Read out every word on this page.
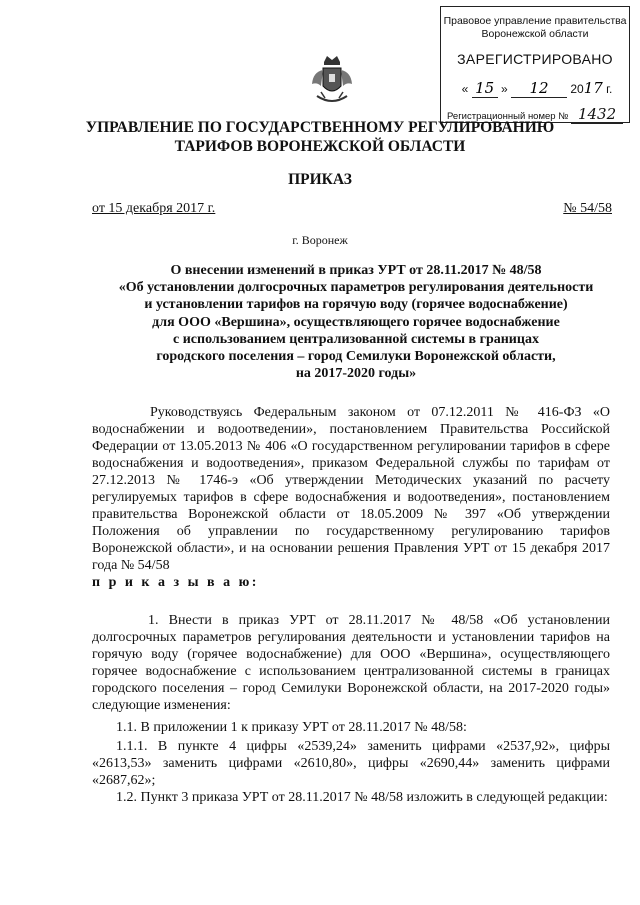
Правовое управление правительства
Воронежской области
ЗАРЕГИСТРИРОВАНО
« 15 » 12 2017 г.
Регистрационный номер № 1432
УПРАВЛЕНИЕ ПО ГОСУДАРСТВЕННОМУ РЕГУЛИРОВАНИЮ
ТАРИФОВ ВОРОНЕЖСКОЙ ОБЛАСТИ
ПРИКАЗ
от 15 декабря 2017 г.	№ 54/58
г. Воронеж
О внесении изменений в приказ УРТ от 28.11.2017 № 48/58
«Об установлении долгосрочных параметров регулирования деятельности
и установлении тарифов на горячую воду (горячее водоснабжение)
для ООО «Вершина», осуществляющего горячее водоснабжение
с использованием централизованной системы в границах
городского поселения – город Семилуки Воронежской области,
на 2017-2020 годы»
Руководствуясь Федеральным законом от 07.12.2011 № 416-ФЗ «О водоснабжении и водоотведении», постановлением Правительства Российской Федерации от 13.05.2013 № 406 «О государственном регулировании тарифов в сфере водоснабжения и водоотведения», приказом Федеральной службы по тарифам от 27.12.2013 № 1746-э «Об утверждении Методических указаний по расчету регулируемых тарифов в сфере водоснабжения и водоотведения», постановлением правительства Воронежской области от 18.05.2009 № 397 «Об утверждении Положения об управлении по государственному регулированию тарифов Воронежской области», и на основании решения Правления УРТ от 15 декабря 2017 года № 54/58
п р и к а з ы в а ю:
1. Внести в приказ УРТ от 28.11.2017 № 48/58 «Об установлении долгосрочных параметров регулирования деятельности и установлении тарифов на горячую воду (горячее водоснабжение) для ООО «Вершина», осуществляющего горячее водоснабжение с использованием централизованной системы в границах городского поселения – город Семилуки Воронежской области, на 2017-2020 годы» следующие изменения:
1.1. В приложении 1 к приказу УРТ от 28.11.2017 № 48/58:
1.1.1. В пункте 4 цифры «2539,24» заменить цифрами «2537,92», цифры «2613,53» заменить цифрами «2610,80», цифры «2690,44» заменить цифрами «2687,62»;
1.2. Пункт 3 приказа УРТ от 28.11.2017 № 48/58 изложить в следующей редакции:
